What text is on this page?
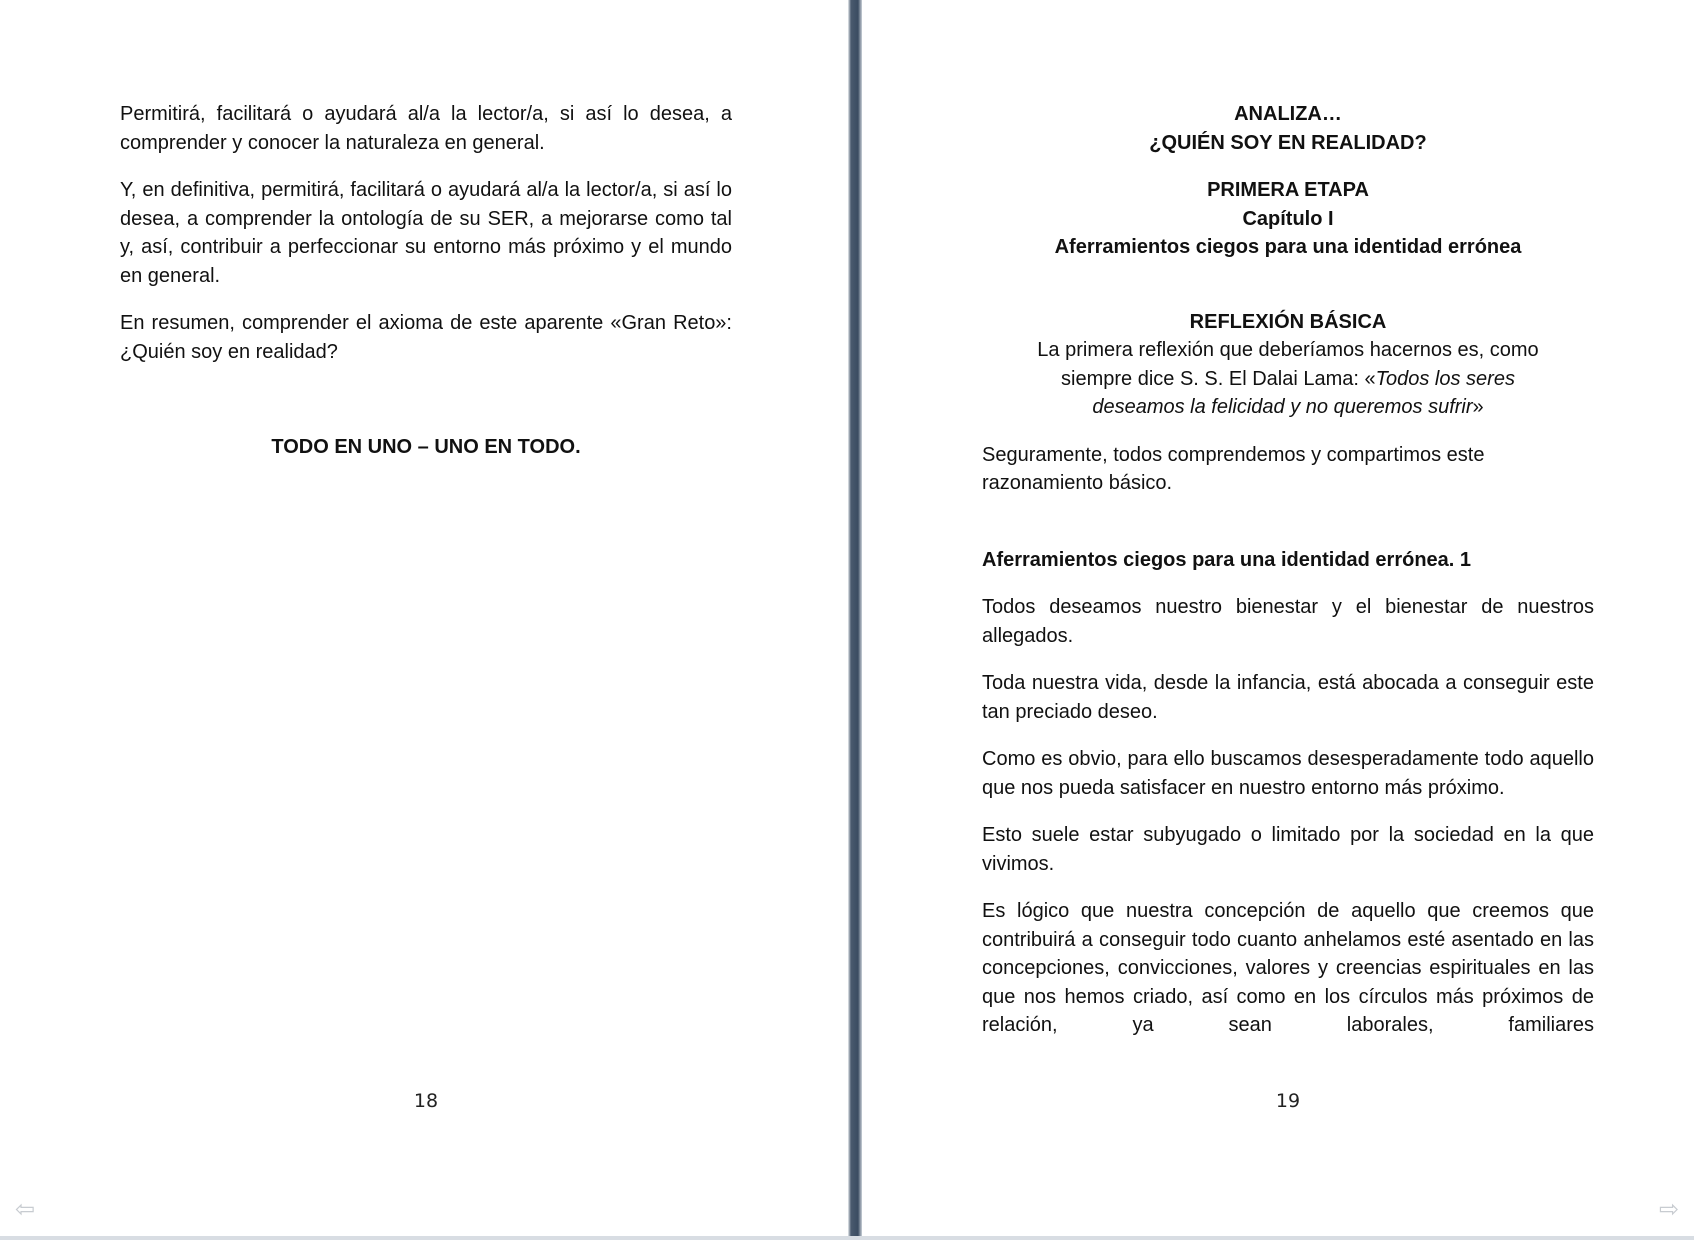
Permitirá, facilitará o ayudará al/a la lector/a, si así lo desea, a comprender y conocer la naturaleza en general.

Y, en definitiva, permitirá, facilitará o ayudará al/a la lector/a, si así lo desea, a comprender la ontología de su SER, a mejorarse como tal y, así, contribuir a perfeccionar su entorno más próximo y el mundo en general.

En resumen, comprender el axioma de este aparente «Gran Reto»: ¿Quién soy en realidad?

TODO EN UNO – UNO EN TODO.

18

ANALIZA…

¿QUIÉN SOY EN REALIDAD?

PRIMERA ETAPA

Capítulo I

Aferramientos ciegos para una identidad errónea

REFLEXIÓN BÁSICA

La primera reflexión que deberíamos hacernos es, como

siempre dice S. S. El Dalai Lama: «Todos los seres

deseamos la felicidad y no queremos sufrir»

Seguramente, todos comprendemos y compartimos este razonamiento básico.

Aferramientos ciegos para una identidad errónea. 1

Todos deseamos nuestro bienestar y el bienestar de nuestros allegados.

Toda nuestra vida, desde la infancia, está abocada a conseguir este tan preciado deseo.

Como es obvio, para ello buscamos desesperadamente todo aquello que nos pueda satisfacer en nuestro entorno más próximo.

Esto suele estar subyugado o limitado por la sociedad en la que vivimos.

Es lógico que nuestra concepción de aquello que creemos que contribuirá a conseguir todo cuanto anhelamos esté asentado en las concepciones, convicciones, valores y creencias espirituales en las que nos hemos criado, así como en los círculos más próximos de relación, ya sean laborales, familiares

19
⇦	⇨
